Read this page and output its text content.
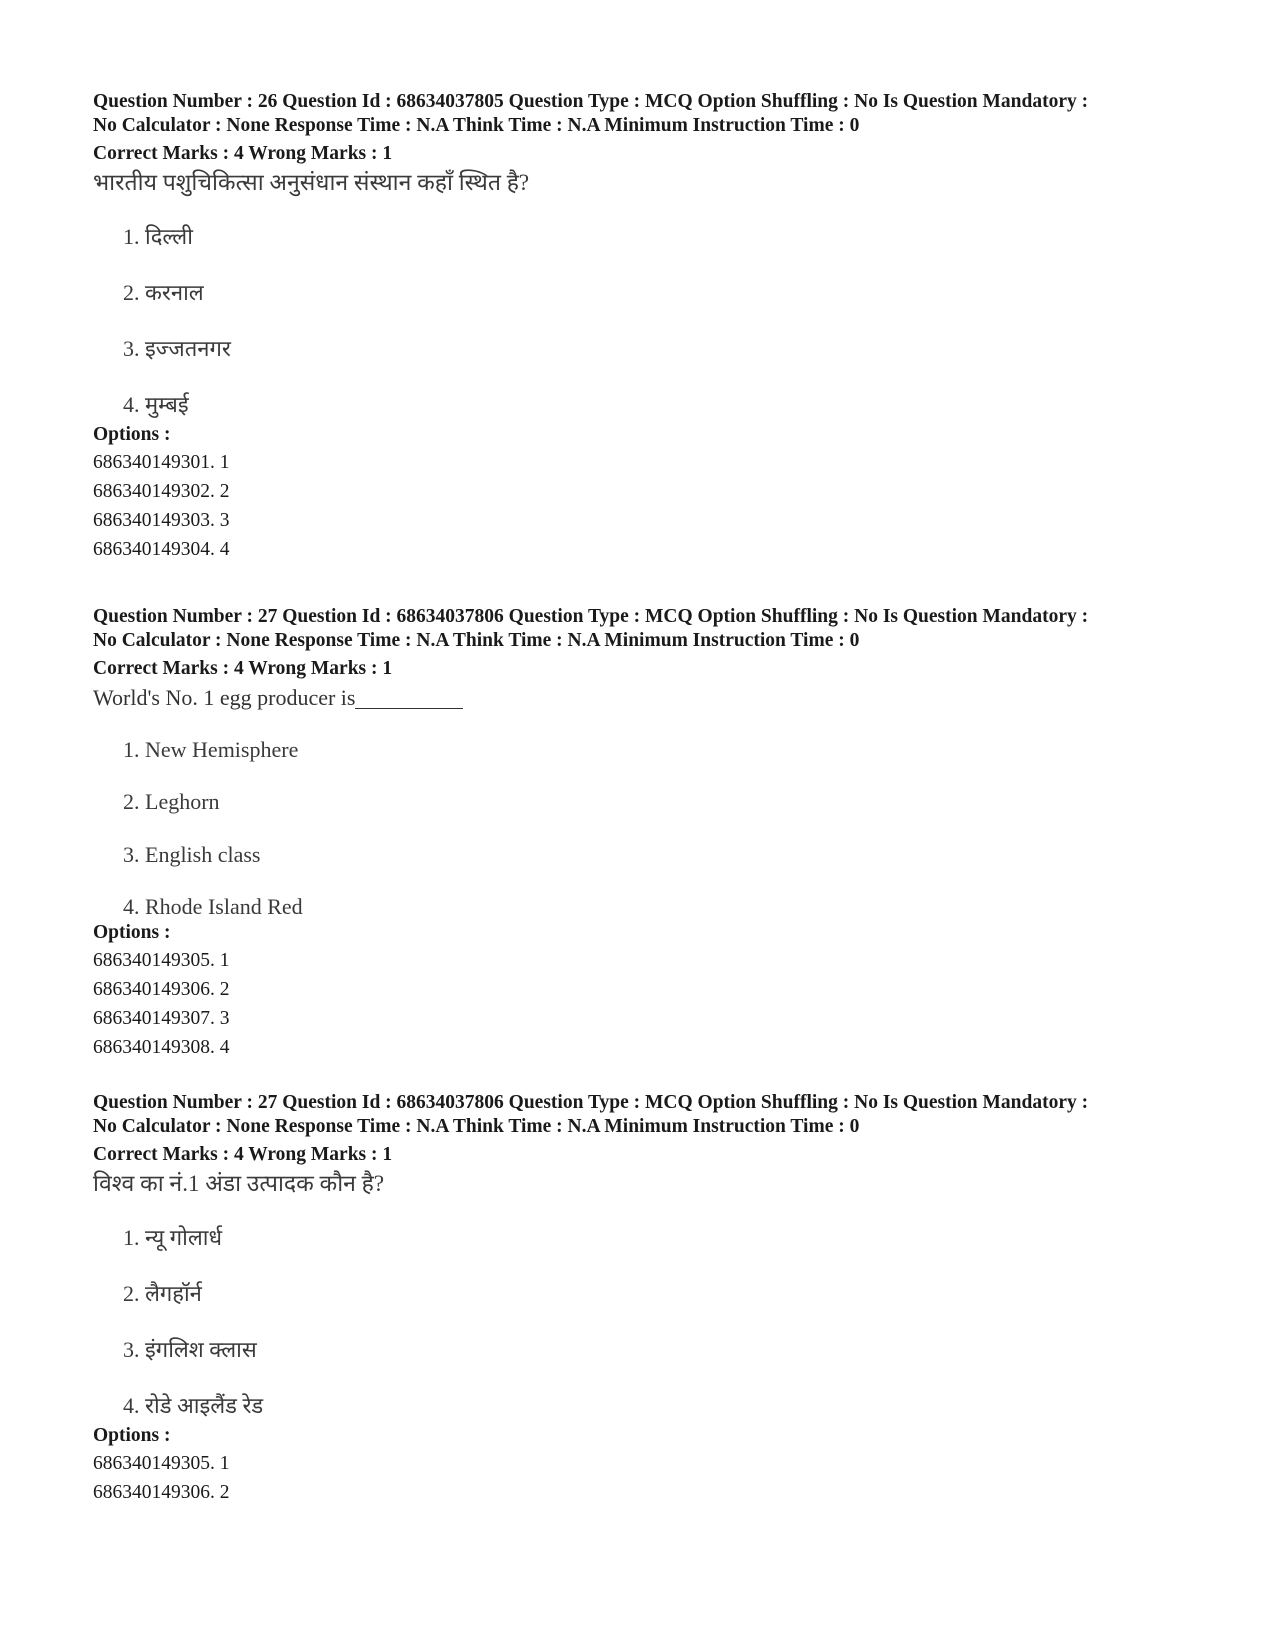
Question Number : 26 Question Id : 68634037805 Question Type : MCQ Option Shuffling : No Is Question Mandatory :
No Calculator : None Response Time : N.A Think Time : N.A Minimum Instruction Time : 0
Correct Marks : 4 Wrong Marks : 1
भारतीय पशुचिकित्सा अनुसंधान संस्थान कहाँ स्थित है?
1. दिल्ली
2. करनाल
3. इज्जतनगर
4. मुम्बई
Options :
686340149301. 1
686340149302. 2
686340149303. 3
686340149304. 4
Question Number : 27 Question Id : 68634037806 Question Type : MCQ Option Shuffling : No Is Question Mandatory :
No Calculator : None Response Time : N.A Think Time : N.A Minimum Instruction Time : 0
Correct Marks : 4 Wrong Marks : 1
World's No. 1 egg producer is
1. New Hemisphere
2. Leghorn
3. English class
4. Rhode Island Red
Options :
686340149305. 1
686340149306. 2
686340149307. 3
686340149308. 4
Question Number : 27 Question Id : 68634037806 Question Type : MCQ Option Shuffling : No Is Question Mandatory :
No Calculator : None Response Time : N.A Think Time : N.A Minimum Instruction Time : 0
Correct Marks : 4 Wrong Marks : 1
विश्व का नं.1 अंडा उत्पादक कौन है?
1. न्यू गोलार्ध
2. लैगहॉर्न
3. इंगलिश क्लास
4. रोडे आइलैंड रेड
Options :
686340149305. 1
686340149306. 2
